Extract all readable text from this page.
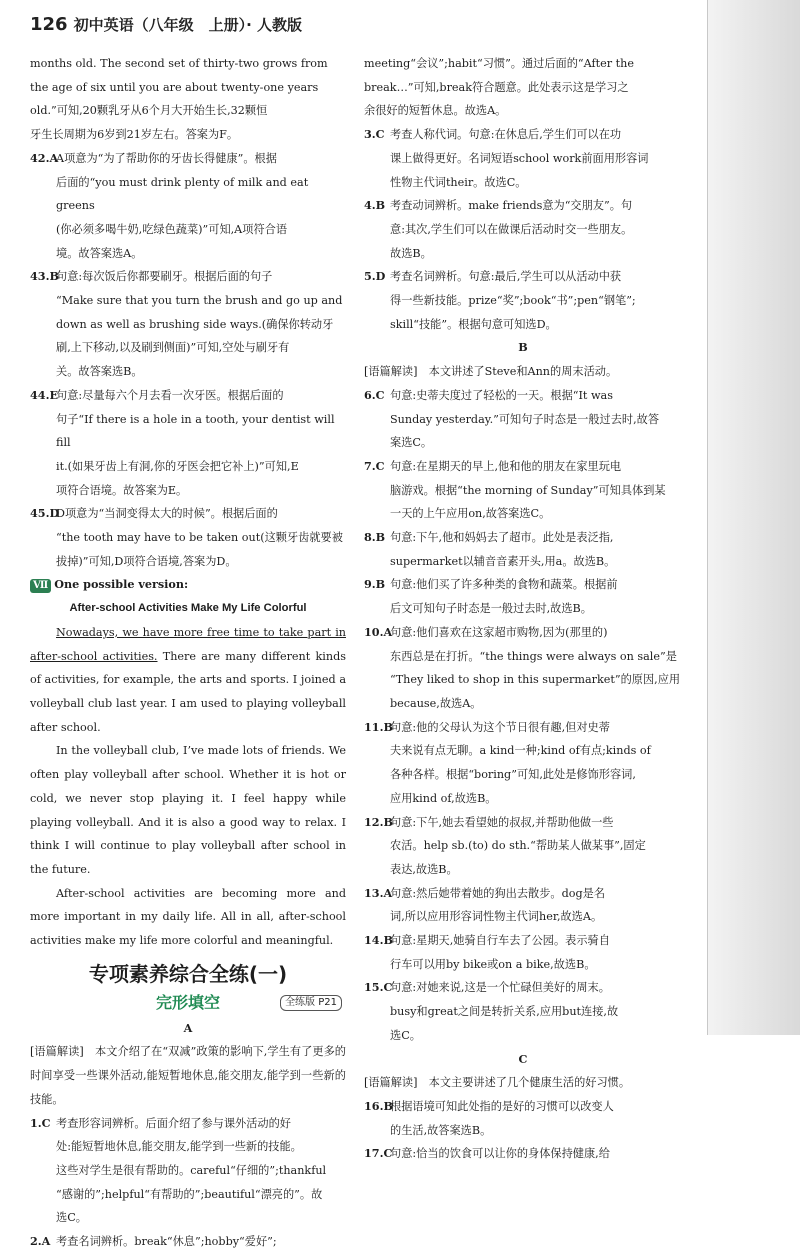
126 初中英语（八年级　上册）· 人教版
months old. The second set of thirty-two grows from
the age of six until you are about twenty-one years
old.”可知,20颗乳牙从6个月大开始生长,32颗恒
牙生长周期为6岁到21岁左右。答案为F。
42.A
A项意为“为了帮助你的牙齿长得健康”。根据
后面的“you must drink plenty of milk and eat greens
(你必须多喝牛奶,吃绿色蔬菜)”可知,A项符合语
境。故答案选A。
43.B
句意:每次饭后你都要刷牙。根据后面的句子
“Make sure that you turn the brush and go up and
down as well as brushing side ways.(确保你转动牙
刷,上下移动,以及刷到侧面)”可知,空处与刷牙有
关。故答案选B。
44.E
句意:尽量每六个月去看一次牙医。根据后面的
句子“If there is a hole in a tooth, your dentist will fill
it.(如果牙齿上有洞,你的牙医会把它补上)”可知,E
项符合语境。故答案为E。
45.D
D项意为“当洞变得太大的时候”。根据后面的
“the tooth may have to be taken out(这颗牙齿就要被
拔掉)”可知,D项符合语境,答案为D。

Ⅶ One possible version:

After-school Activities Make My Life Colorful

Nowadays, we have more free time to take part in after-school activities. There are many different kinds of activities, for example, the arts and sports. I joined a volleyball club last year. I am used to playing volleyball after school.

In the volleyball club, I’ve made lots of friends. We often play volleyball after school. Whether it is hot or cold, we never stop playing it. I feel happy while playing volleyball. And it is also a good way to relax. I think I will continue to play volleyball after school in the future.

After-school activities are becoming more and more important in my daily life. All in all, after-school activities make my life more colorful and meaningful.

专项素养综合全练(一)
完形填空	全练版 P21
A

[语篇解读]　本文介绍了在“双减”政策的影响下,学生有了更多的时间享受一些课外活动,能短暂地休息,能交朋友,能学到一些新的技能。

1.C 考查形容词辨析。后面介绍了参与课外活动的好
处:能短暂地休息,能交朋友,能学到一些新的技能。
这些对学生是很有帮助的。careful“仔细的”;thankful
“感谢的”;helpful“有帮助的”;beautiful“漂亮的”。故
选C。
2.A 考查名词辨析。break“休息”;hobby“爱好”;
meeting“会议”;habit“习惯”。通过后面的“After the
break…”可知,break符合题意。此处表示这是学习之
余很好的短暂休息。故选A。
3.C 考查人称代词。句意:在休息后,学生们可以在功
课上做得更好。名词短语school work前面用形容词
性物主代词their。故选C。
4.B 考查动词辨析。make friends意为“交朋友”。句
意:其次,学生们可以在做课后活动时交一些朋友。
故选B。
5.D 考查名词辨析。句意:最后,学生可以从活动中获
得一些新技能。prize“奖”;book“书”;pen“钢笔”;
skill“技能”。根据句意可知选D。
B

[语篇解读]　本文讲述了Steve和Ann的周末活动。

6.C 句意:史蒂夫度过了轻松的一天。根据“It was
Sunday yesterday.”可知句子时态是一般过去时,故答
案选C。
7.C 句意:在星期天的早上,他和他的朋友在家里玩电
脑游戏。根据“the morning of Sunday”可知具体到某
一天的上午应用on,故答案选C。
8.B 句意:下午,他和妈妈去了超市。此处是表泛指,
supermarket以辅音音素开头,用a。故选B。
9.B 句意:他们买了许多种类的食物和蔬菜。根据前
后文可知句子时态是一般过去时,故选B。
10.A
句意:他们喜欢在这家超市购物,因为(那里的)
东西总是在打折。“the things were always on sale”是
“They liked to shop in this supermarket”的原因,应用
because,故选A。
11.B
句意:他的父母认为这个节日很有趣,但对史蒂
夫来说有点无聊。a kind一种;kind of有点;kinds of
各种各样。根据“boring”可知,此处是修饰形容词,
应用kind of,故选B。
12.B
句意:下午,她去看望她的叔叔,并帮助他做一些
农活。help sb.(to) do sth.“帮助某人做某事”,固定
表达,故选B。
13.A
句意:然后她带着她的狗出去散步。dog是名
词,所以应用形容词性物主代词her,故选A。
14.B
句意:星期天,她骑自行车去了公园。表示骑自
行车可以用by bike或on a bike,故选B。
15.C
句意:对她来说,这是一个忙碌但美好的周末。
busy和great之间是转折关系,应用but连接,故
选C。
C

[语篇解读]　本文主要讲述了几个健康生活的好习惯。

16.B
根据语境可知此处指的是好的习惯可以改变人
的生活,故答案选B。
17.C
句意:恰当的饮食可以让你的身体保持健康,给
